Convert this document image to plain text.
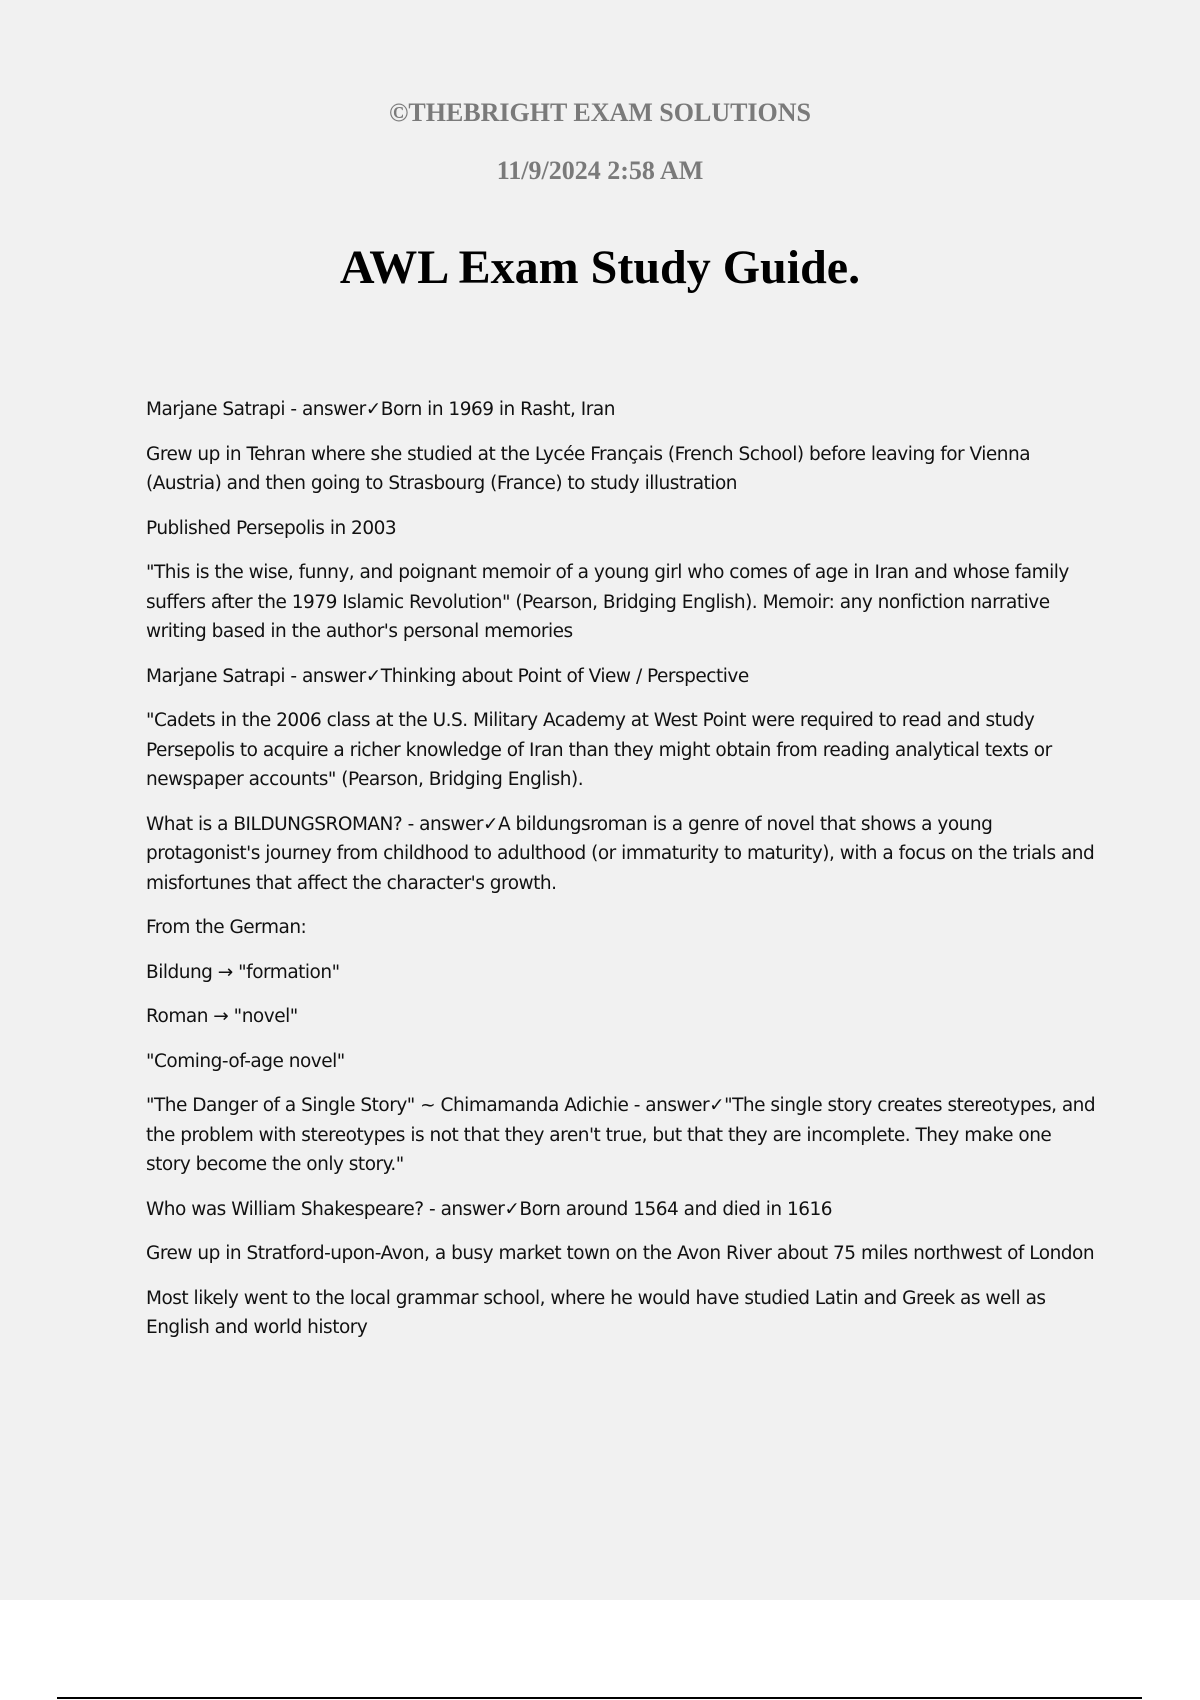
©THEBRIGHT EXAM SOLUTIONS
11/9/2024 2:58 AM
AWL Exam Study Guide.

Marjane Satrapi - answer✓Born in 1969 in Rasht, Iran

Grew up in Tehran where she studied at the Lycée Français (French School) before leaving for Vienna (Austria) and then going to Strasbourg (France) to study illustration

Published Persepolis in 2003

"This is the wise, funny, and poignant memoir of a young girl who comes of age in Iran and whose family suffers after the 1979 Islamic Revolution" (Pearson, Bridging English). Memoir: any nonfiction narrative writing based in the author's personal memories

Marjane Satrapi - answer✓Thinking about Point of View / Perspective

"Cadets in the 2006 class at the U.S. Military Academy at West Point were required to read and study Persepolis to acquire a richer knowledge of Iran than they might obtain from reading analytical texts or newspaper accounts" (Pearson, Bridging English).

What is a BILDUNGSROMAN? - answer✓A bildungsroman is a genre of novel that shows a young protagonist's journey from childhood to adulthood (or immaturity to maturity), with a focus on the trials and misfortunes that affect the character's growth.

From the German:

Bildung → "formation"

Roman → "novel"

"Coming-of-age novel"

"The Danger of a Single Story" ~ Chimamanda Adichie - answer✓"The single story creates stereotypes, and the problem with stereotypes is not that they aren't true, but that they are incomplete. They make one story become the only story."

Who was William Shakespeare? - answer✓Born around 1564 and died in 1616

Grew up in Stratford-upon-Avon, a busy market town on the Avon River about 75 miles northwest of London

Most likely went to the local grammar school, where he would have studied Latin and Greek as well as English and world history
